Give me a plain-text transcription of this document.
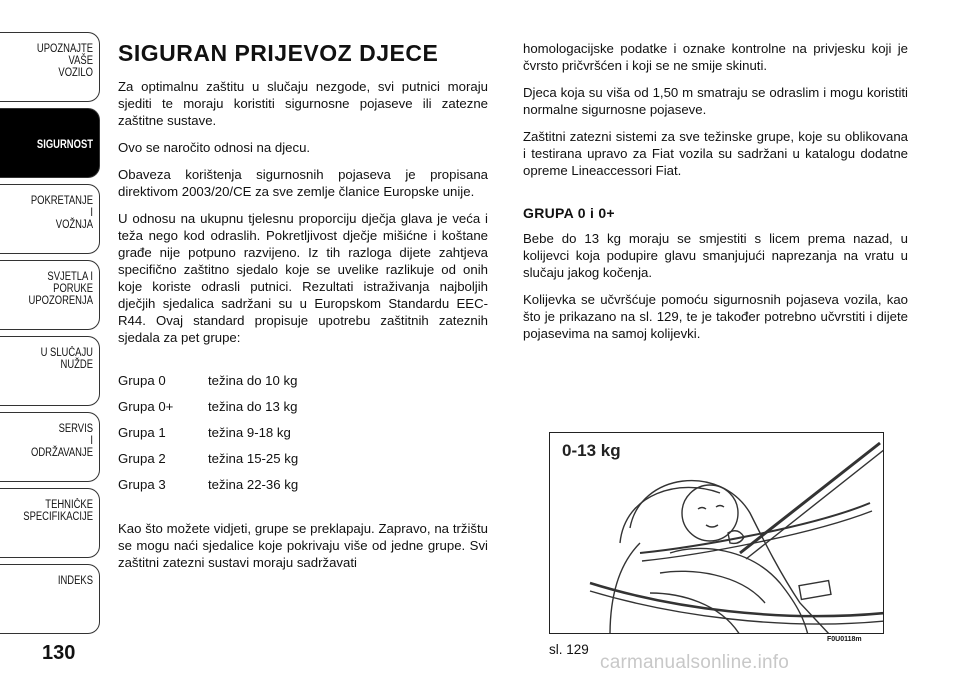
UPOZNAJTE
VAŠE
VOZILO
SIGURNOST
POKRETANJE
I
VOŽNJA
SVJETLA I
PORUKE
UPOZORENJA
U SLUČAJU
NUŽDE
SERVIS
I
ODRŽAVANJE
TEHNIČKE
SPECIFIKACIJE
INDEKS
130
SIGURAN PRIJEVOZ DJECE

Za optimalnu zaštitu u slučaju nezgode, svi putnici moraju sjediti te moraju koristiti sigurnosne pojaseve ili zatezne zaštitne sustave.

Ovo se naročito odnosi na djecu.

Obaveza korištenja sigurnosnih pojaseva je propisana direktivom 2003/20/CE za sve zemlje članice Europske unije.

U odnosu na ukupnu tjelesnu proporciju dječja glava je veća i teža nego kod odraslih. Pokretljivost dječje mišićne i koštane građe nije potpuno razvijeno. Iz tih razloga dijete zahtjeva specifično zaštitno sjedalo koje se uvelike razlikuje od onih koje koriste odrasli putnici. Rezultati istraživanja najboljih dječjih sjedalica sadržani su u Europskom Standardu EEC-R44. Ovaj standard propisuje upotrebu zaštitnih zateznih sjedala za pet grupe:

Grupa 0	težina do 10 kg
Grupa 0+	težina do 13 kg
Grupa 1	težina 9-18 kg
Grupa 2	težina 15-25 kg
Grupa 3	težina 22-36 kg

Kao što možete vidjeti, grupe se preklapaju. Zapravo, na tržištu se mogu naći sjedalice koje pokrivaju više od jedne grupe. Svi zaštitni zatezni sustavi moraju sadržavati

homologacijske podatke i oznake kontrolne na privjesku koji je čvrsto pričvršćen i koji se ne smije skinuti.

Djeca koja su viša od 1,50 m smatraju se odraslim i mogu koristiti normalne sigurnosne pojaseve.

Zaštitni zatezni sistemi za sve težinske grupe, koje su oblikovana i testirana upravo za Fiat vozila su sadržani u katalogu dodatne opreme Lineaccessori Fiat.

GRUPA 0 i 0+

Bebe do 13 kg moraju se smjestiti s licem prema nazad, u kolijevci koja podupire glavu smanjujući naprezanja na vratu u slučaju jakog kočenja.

Kolijevka se učvršćuje pomoću sigurnosnih pojaseva vozila, kao što je prikazano na sl. 129, te je također potrebno učvrstiti i dijete pojasevima na samoj kolijevki.

0-13 kg
F0U0118m
sl. 129
carmanualsonline.info
